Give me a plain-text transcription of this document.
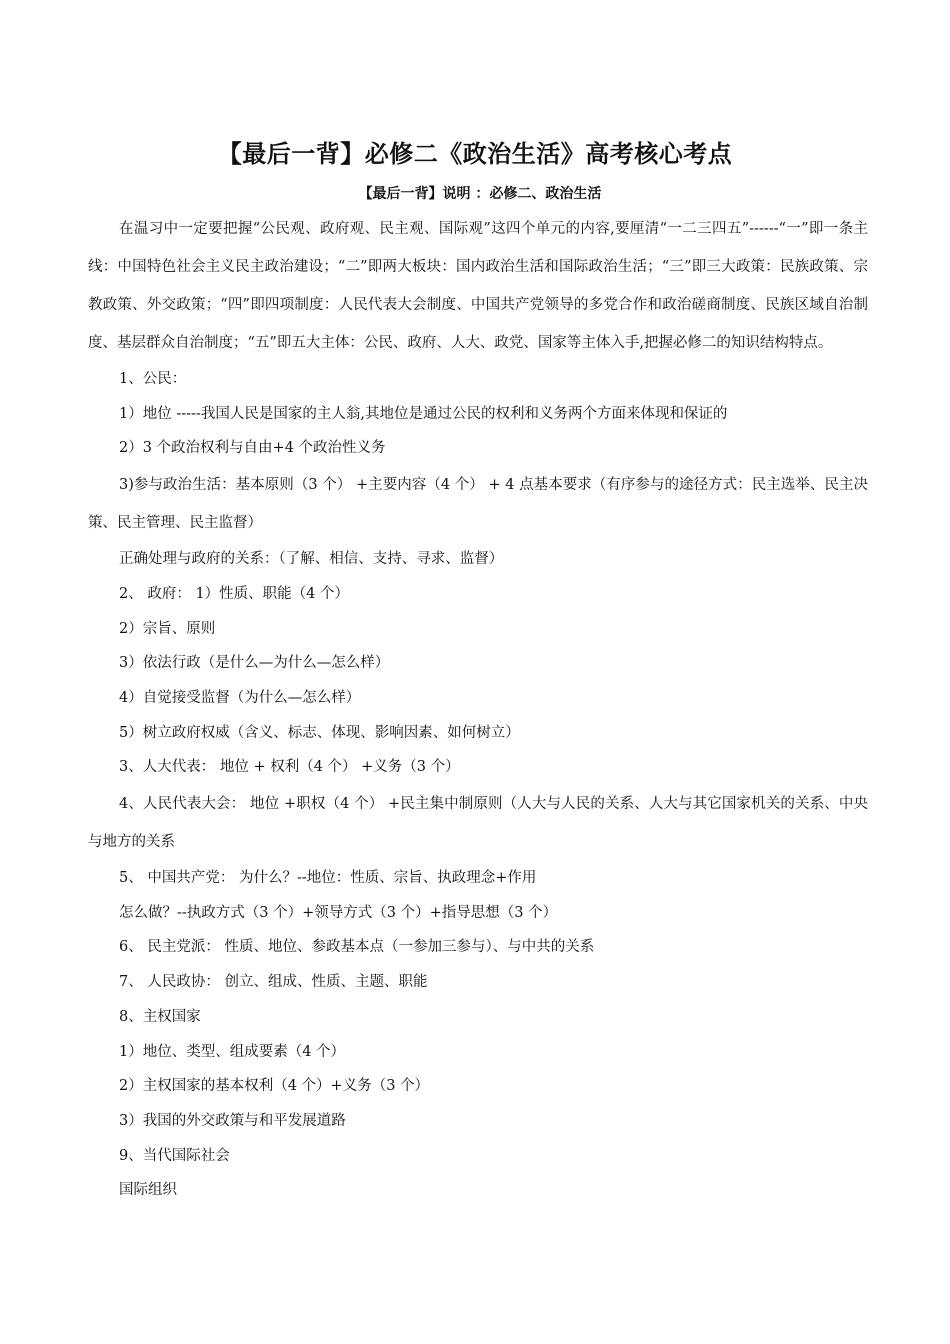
【最后一背】必修二《政治生活》高考核心考点
【最后一背】说明 ：必修二、政治生活

在温习中一定要把握“公民观、政府观、民主观、国际观”这四个单元的内容,要厘清“一二三四五”------“一”即一条主线：中国特色社会主义民主政治建设；“二”即两大板块：国内政治生活和国际政治生活；“三”即三大政策：民族政策、宗教政策、外交政策；“四”即四项制度：人民代表大会制度、中国共产党领导的多党合作和政治磋商制度、民族区域自治制度、基层群众自治制度；“五”即五大主体：公民、政府、人大、政党、国家等主体入手,把握必修二的知识结构特点。

1、公民：
1）地位 -----我国人民是国家的主人翁,其地位是通过公民的权利和义务两个方面来体现和保证的
2）3 个政治权利与自由+4 个政治性义务
3)参与政治生活：基本原则（3 个） +主要内容（4 个） + 4 点基本要求（有序参与的途径方式：民主选举、民主决策、民主管理、民主监督）
正确处理与政府的关系：（了解、相信、支持、寻求、监督）
2、 政府： 1）性质、职能（4 个）
2）宗旨、原则
3）依法行政（是什么—为什么—怎么样）
4）自觉接受监督（为什么—怎么样）
5）树立政府权威（含义、标志、体现、影响因素、如何树立）
3、人大代表： 地位 + 权利（4 个） +义务（3 个）
4、人民代表大会： 地位 +职权（4 个） +民主集中制原则（人大与人民的关系、人大与其它国家机关的关系、中央与地方的关系
5、 中国共产党： 为什么？--地位：性质、宗旨、执政理念+作用
怎么做？--执政方式（3 个）+领导方式（3 个）+指导思想（3 个）
6、 民主党派： 性质、地位、参政基本点（一参加三参与）、与中共的关系
7、 人民政协： 创立、组成、性质、主题、职能
8、主权国家
1）地位、类型、组成要素（4 个）
2）主权国家的基本权利（4 个）+义务（3 个）
3）我国的外交政策与和平发展道路
9、当代国际社会
国际组织
